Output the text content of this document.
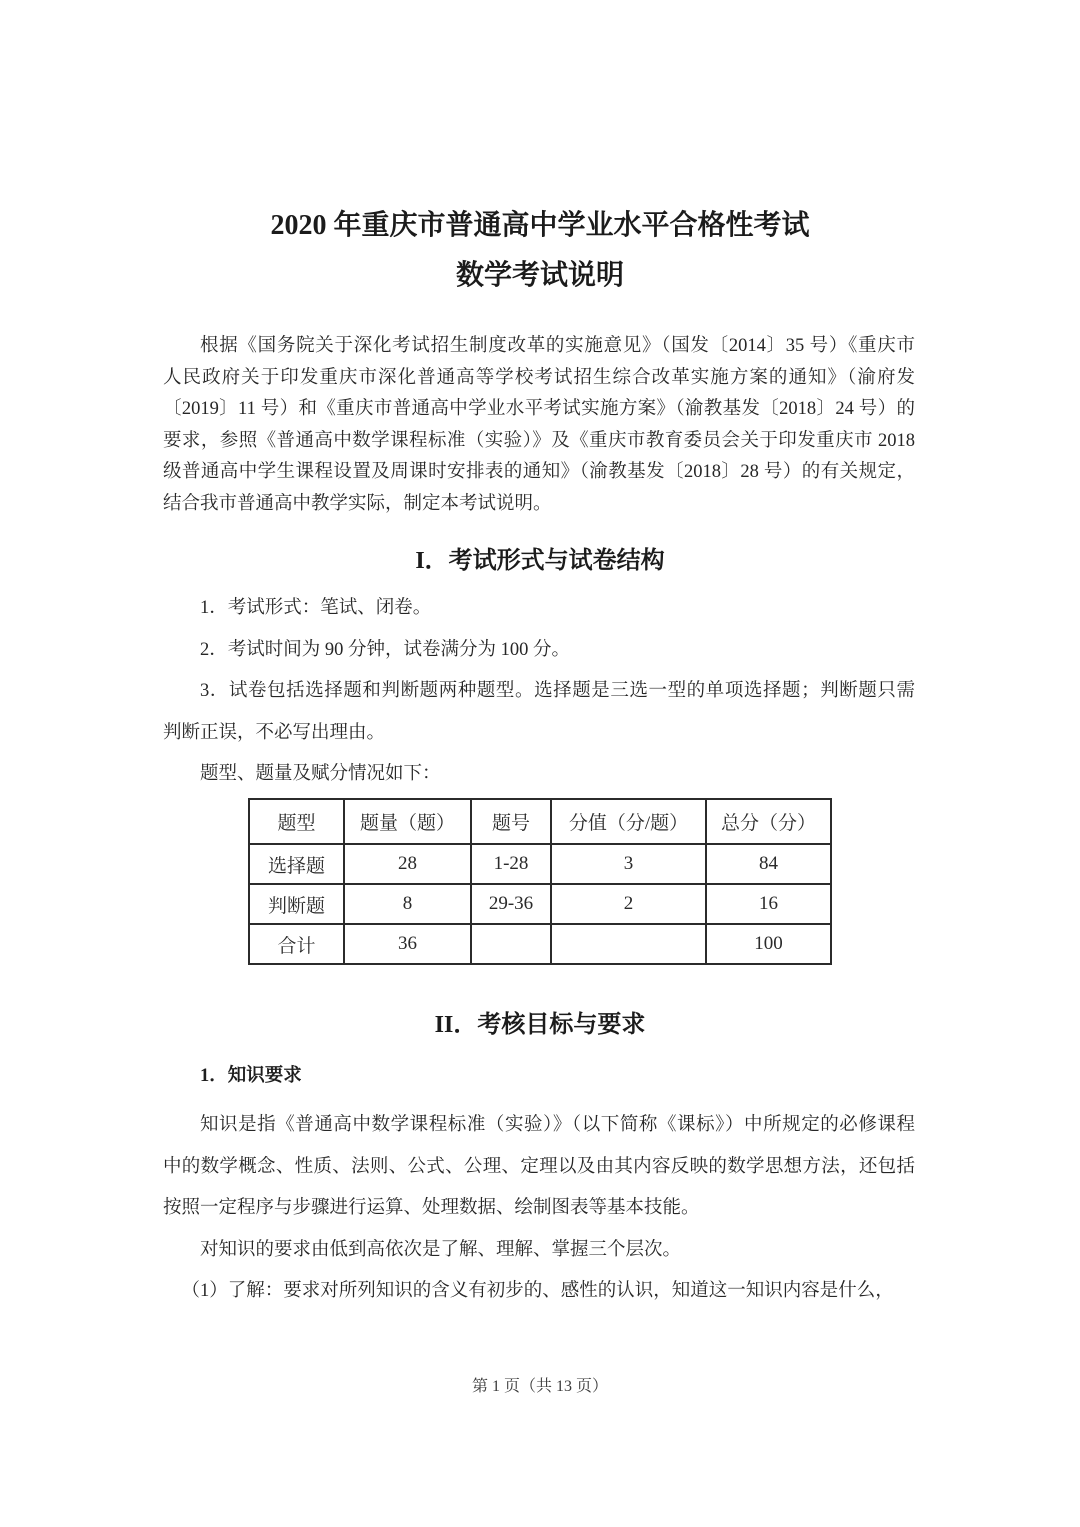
2020 年重庆市普通高中学业水平合格性考试
数学考试说明
根据《国务院关于深化考试招生制度改革的实施意见》（国发〔2014〕35 号）《重庆市
人民政府关于印发重庆市深化普通高等学校考试招生综合改革实施方案的通知》（渝府发
〔2019〕11 号）和《重庆市普通高中学业水平考试实施方案》（渝教基发〔2018〕24 号）的
要求，参照《普通高中数学课程标准（实验）》及《重庆市教育委员会关于印发重庆市 2018
级普通高中学生课程设置及周课时安排表的通知》（渝教基发〔2018〕28 号）的有关规定，
结合我市普通高中教学实际，制定本考试说明。
I．考试形式与试卷结构
1．考试形式：笔试、闭卷。
2．考试时间为 90 分钟，试卷满分为 100 分。
3．试卷包括选择题和判断题两种题型。选择题是三选一型的单项选择题；判断题只需
判断正误，不必写出理由。
题型、题量及赋分情况如下：
题型	题量（题）	题号	分值（分/题）	总分（分）
选择题	28	1-28	3	84
判断题	8	29-36	2	16
合计	36			100
II．考核目标与要求
1．知识要求
知识是指《普通高中数学课程标准（实验）》（以下简称《课标》）中所规定的必修课程
中的数学概念、性质、法则、公式、公理、定理以及由其内容反映的数学思想方法，还包括
按照一定程序与步骤进行运算、处理数据、绘制图表等基本技能。
对知识的要求由低到高依次是了解、理解、掌握三个层次。
（1）了解：要求对所列知识的含义有初步的、感性的认识，知道这一知识内容是什么，
第 1 页（共 13 页）
